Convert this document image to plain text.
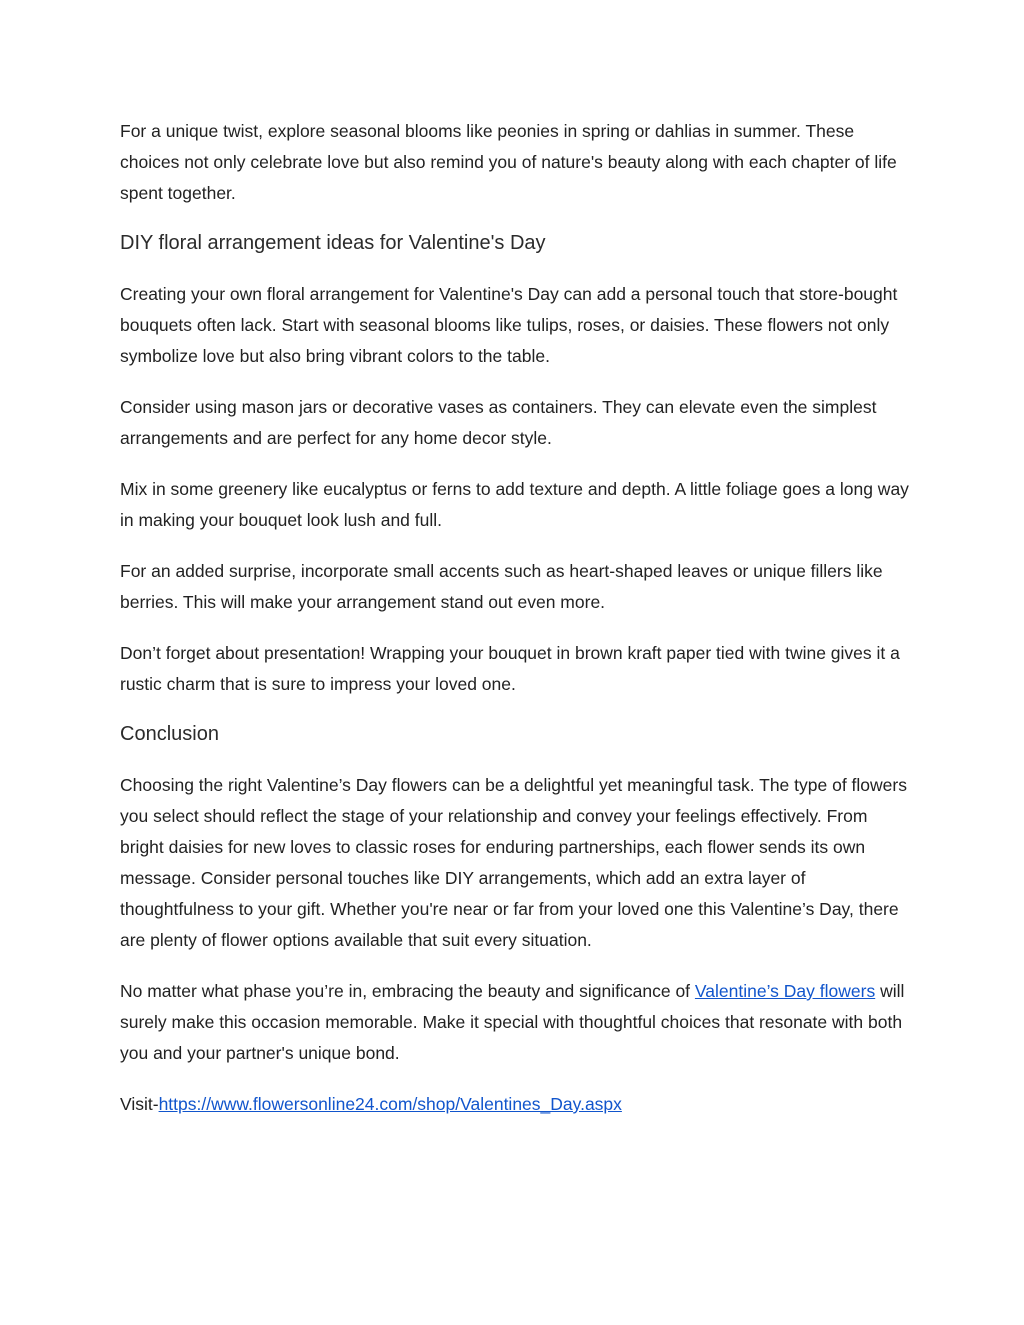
For a unique twist, explore seasonal blooms like peonies in spring or dahlias in summer. These choices not only celebrate love but also remind you of nature's beauty along with each chapter of life spent together.

DIY floral arrangement ideas for Valentine's Day

Creating your own floral arrangement for Valentine's Day can add a personal touch that store-bought bouquets often lack. Start with seasonal blooms like tulips, roses, or daisies. These flowers not only symbolize love but also bring vibrant colors to the table.

Consider using mason jars or decorative vases as containers. They can elevate even the simplest arrangements and are perfect for any home decor style.

Mix in some greenery like eucalyptus or ferns to add texture and depth. A little foliage goes a long way in making your bouquet look lush and full.

For an added surprise, incorporate small accents such as heart-shaped leaves or unique fillers like berries. This will make your arrangement stand out even more.

Don’t forget about presentation! Wrapping your bouquet in brown kraft paper tied with twine gives it a rustic charm that is sure to impress your loved one.

Conclusion

Choosing the right Valentine’s Day flowers can be a delightful yet meaningful task. The type of flowers you select should reflect the stage of your relationship and convey your feelings effectively. From bright daisies for new loves to classic roses for enduring partnerships, each flower sends its own message. Consider personal touches like DIY arrangements, which add an extra layer of thoughtfulness to your gift. Whether you're near or far from your loved one this Valentine’s Day, there are plenty of flower options available that suit every situation.

No matter what phase you’re in, embracing the beauty and significance of Valentine’s Day flowers will surely make this occasion memorable. Make it special with thoughtful choices that resonate with both you and your partner's unique bond.

Visit-https://www.flowersonline24.com/shop/Valentines_Day.aspx
